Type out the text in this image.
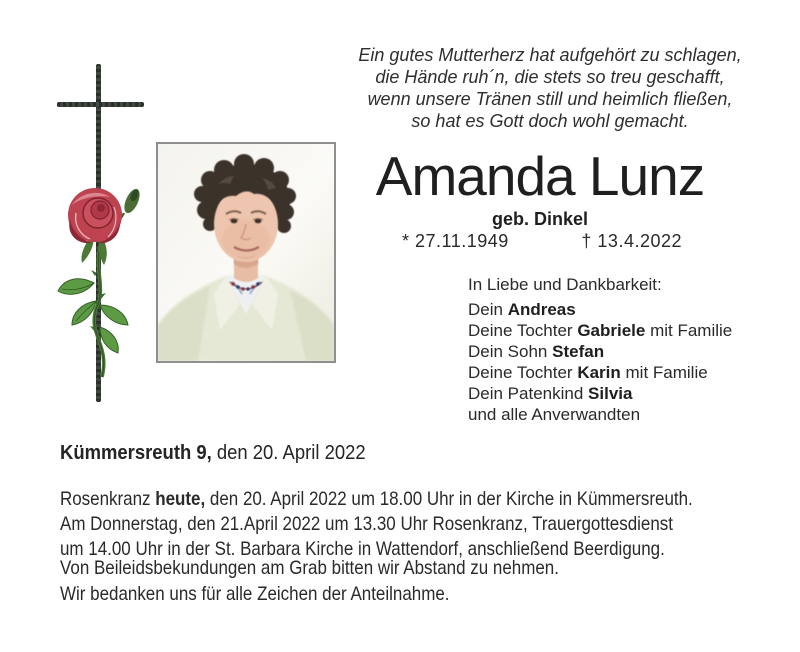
Ein gutes Mutterherz hat aufgehört zu schlagen,
die Hände ruh´n, die stets so treu geschafft,
wenn unsere Tränen still und heimlich fließen,
so hat es Gott doch wohl gemacht.
Amanda Lunz
geb. Dinkel
* 27.11.1949	† 13.4.2022
In Liebe und Dankbarkeit:
Dein Andreas
Deine Tochter Gabriele mit Familie
Dein Sohn Stefan
Deine Tochter Karin mit Familie
Dein Patenkind Silvia
und alle Anverwandten
Kümmersreuth 9, den 20. April 2022
Rosenkranz heute, den 20. April 2022 um 18.00 Uhr in der Kirche in Kümmersreuth.
Am Donnerstag, den 21.April 2022 um 13.30 Uhr Rosenkranz, Trauergottesdienst
um 14.00 Uhr in der St. Barbara Kirche in Wattendorf, anschließend Beerdigung.
Von Beileidsbekundungen am Grab bitten wir Abstand zu nehmen.
Wir bedanken uns für alle Zeichen der Anteilnahme.
